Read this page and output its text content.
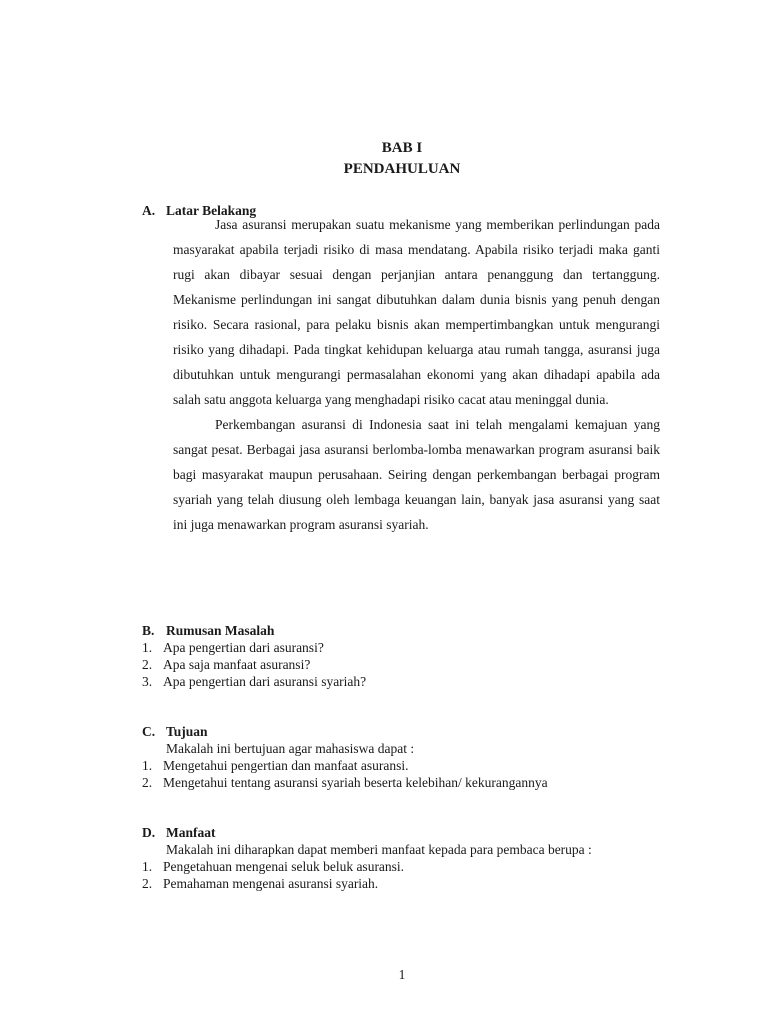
BAB I
PENDAHULUAN
A. Latar Belakang

Jasa asuransi merupakan suatu mekanisme yang memberikan perlindungan pada masyarakat apabila terjadi risiko di masa mendatang. Apabila risiko terjadi maka ganti rugi akan dibayar sesuai dengan perjanjian antara penanggung dan tertanggung. Mekanisme perlindungan ini sangat dibutuhkan dalam dunia bisnis yang penuh dengan risiko. Secara rasional, para pelaku bisnis akan mempertimbangkan untuk mengurangi risiko yang dihadapi. Pada tingkat kehidupan keluarga atau rumah tangga, asuransi juga dibutuhkan untuk mengurangi permasalahan ekonomi yang akan dihadapi apabila ada salah satu anggota keluarga yang menghadapi risiko cacat atau meninggal dunia.

Perkembangan asuransi di Indonesia saat ini telah mengalami kemajuan yang sangat pesat. Berbagai jasa asuransi berlomba-lomba menawarkan program asuransi baik bagi masyarakat maupun perusahaan. Seiring dengan perkembangan berbagai program syariah yang telah diusung oleh lembaga keuangan lain, banyak jasa asuransi yang saat ini juga menawarkan program asuransi syariah.

B. Rumusan Masalah
1. Apa pengertian dari asuransi?
2. Apa saja manfaat asuransi?
3. Apa pengertian dari asuransi syariah?
C. Tujuan
Makalah ini bertujuan agar mahasiswa dapat :
1. Mengetahui pengertian dan manfaat asuransi.
2. Mengetahui tentang asuransi syariah beserta kelebihan/ kekurangannya
D. Manfaat
Makalah ini diharapkan dapat memberi manfaat kepada para pembaca berupa :
1. Pengetahuan mengenai seluk beluk asuransi.
2. Pemahaman mengenai asuransi syariah.
1
